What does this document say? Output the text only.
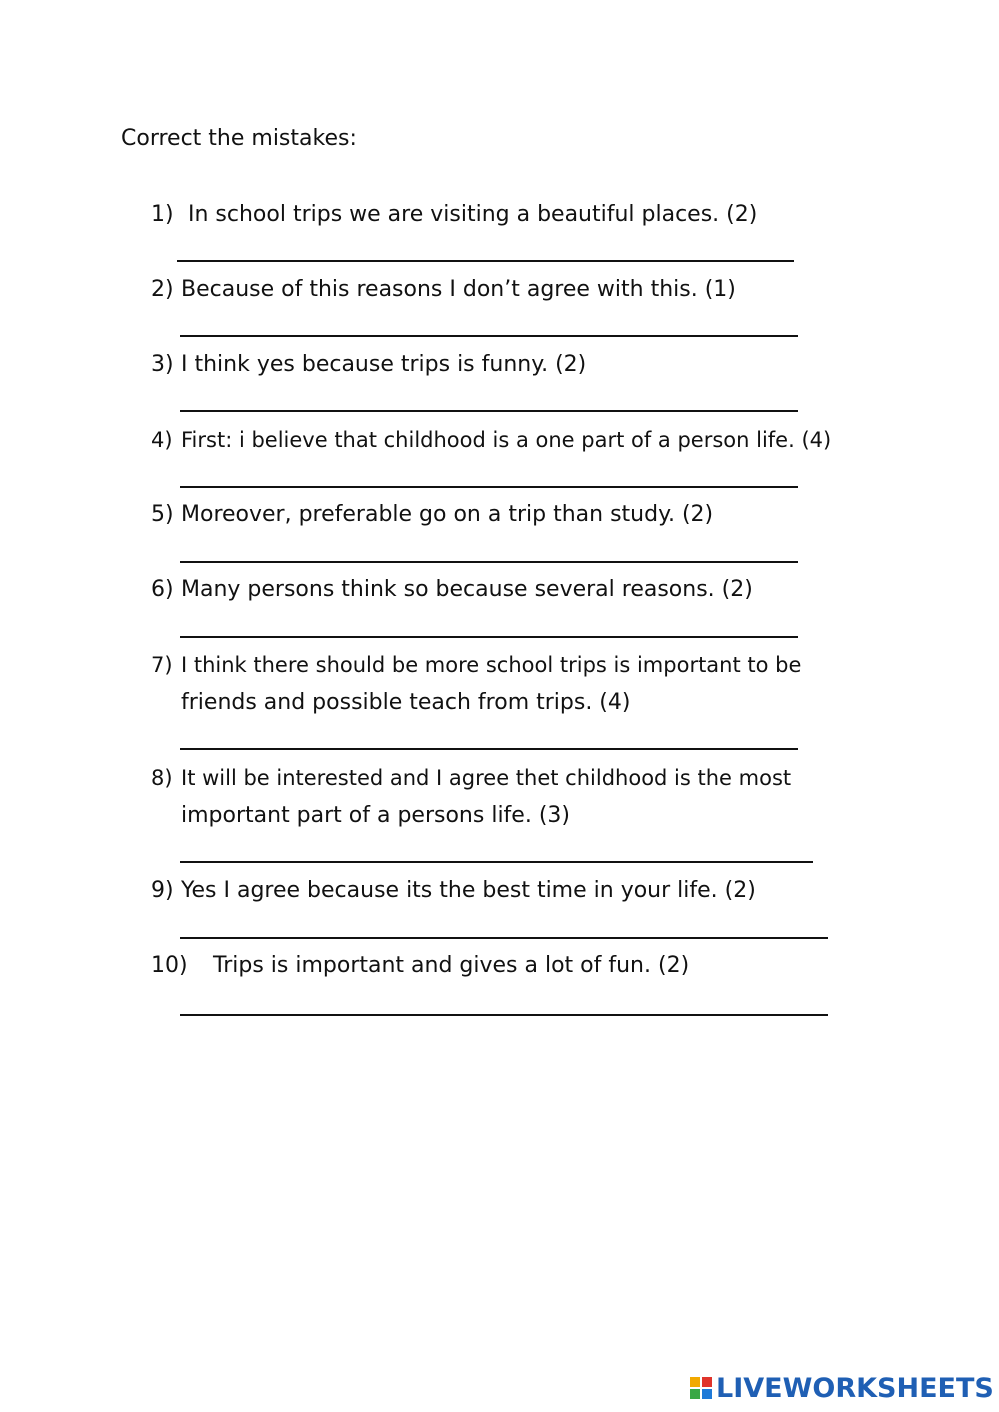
Correct the mistakes:
1) In school trips we are visiting a beautiful places. (2)
2) Because of this reasons I don’t agree with this. (1)
3) I think yes because trips is funny. (2)
4) First: i believe that childhood is a one part of a person life. (4)
5) Moreover, preferable go on a trip than study. (2)
6) Many persons think so because several reasons. (2)
7) I think there should be more school trips is important to be
friends and possible teach from trips. (4)
8) It will be interested and I agree thet childhood is the most
important part of a persons life. (3)
9) Yes I agree because its the best time in your life. (2)
10) Trips is important and gives a lot of fun. (2)
LIVEWORKSHEETS
